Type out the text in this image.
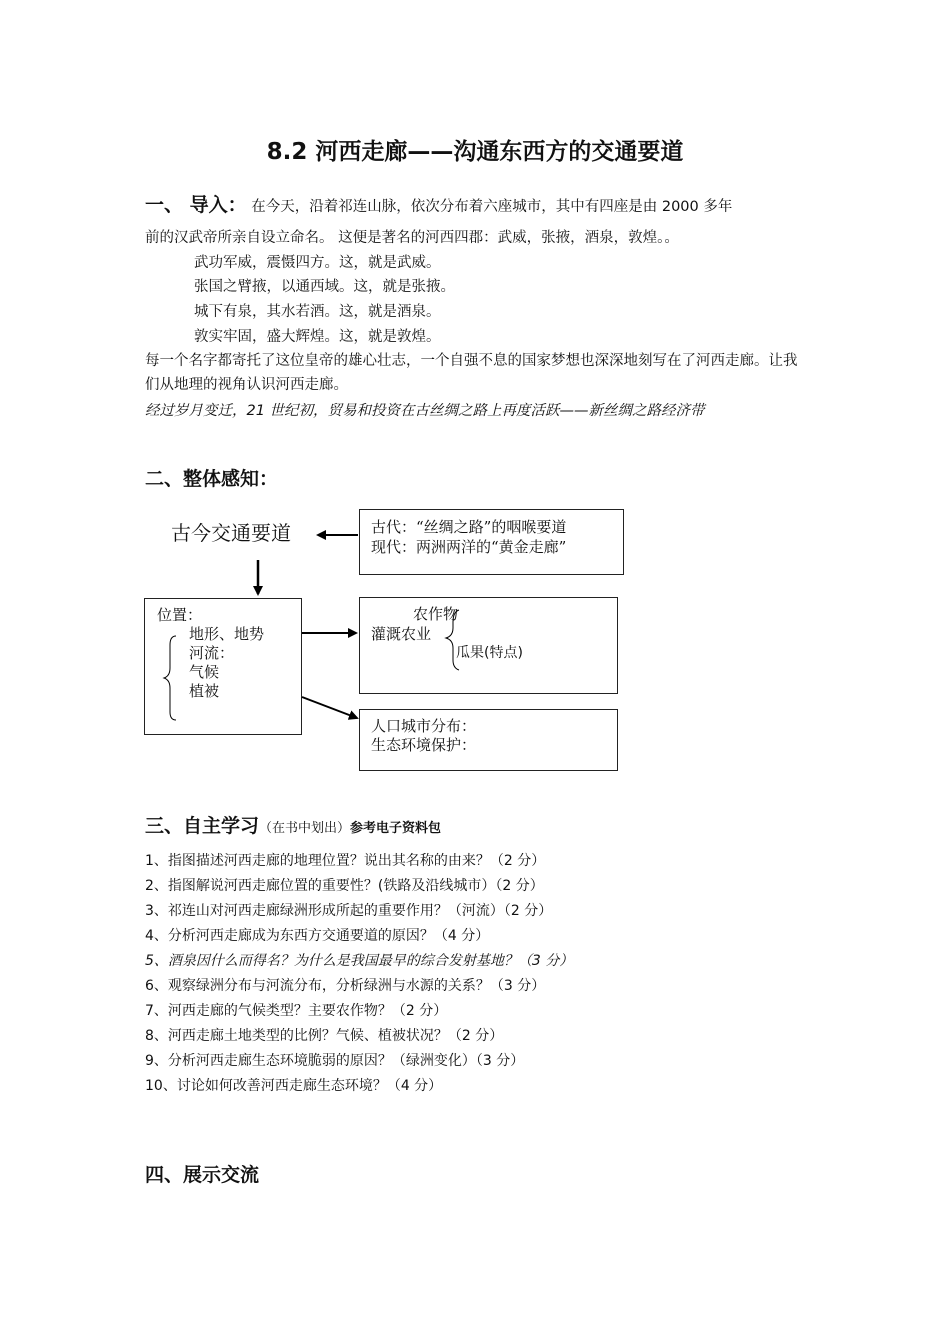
8.2 河西走廊——沟通东西方的交通要道
一、 导入： 在今天，沿着祁连山脉，依次分布着六座城市，其中有四座是由 2000 多年
前的汉武帝所亲自设立命名。 这便是著名的河西四郡：武威，张掖，酒泉，敦煌。。
武功军威，震慑四方。这，就是武威。
张国之臂掖，以通西域。这，就是张掖。
城下有泉，其水若酒。这，就是酒泉。
敦实牢固，盛大辉煌。这，就是敦煌。
每一个名字都寄托了这位皇帝的雄心壮志，一个自强不息的国家梦想也深深地刻写在了河西走廊。让我们从地理的视角认识河西走廊。
经过岁月变迁，21 世纪初，贸易和投资在古丝绸之路上再度活跃——新丝绸之路经济带
二、整体感知：
古今交通要道	古代：“丝绸之路”的咽喉要道
现代：两洲两洋的“黄金走廊”
位置：
地形、地势
河流：
气候
植被
农作物
灌溉农业
瓜果(特点)
人口城市分布：
生态环境保护：
三、自主学习（在书中划出）参考电子资料包
1、指图描述河西走廊的地理位置？说出其名称的由来？（2 分）
2、指图解说河西走廊位置的重要性？(铁路及沿线城市）（2 分）
3、祁连山对河西走廊绿洲形成所起的重要作用？（河流）（2 分）
4、分析河西走廊成为东西方交通要道的原因？（4 分）
5、酒泉因什么而得名？为什么是我国最早的综合发射基地？（3 分）
6、观察绿洲分布与河流分布，分析绿洲与水源的关系？（3 分）
7、河西走廊的气候类型？主要农作物？（2 分）
8、河西走廊土地类型的比例？气候、植被状况？（2 分）
9、分析河西走廊生态环境脆弱的原因？（绿洲变化）（3 分）
10、讨论如何改善河西走廊生态环境？（4 分）
四、展示交流
